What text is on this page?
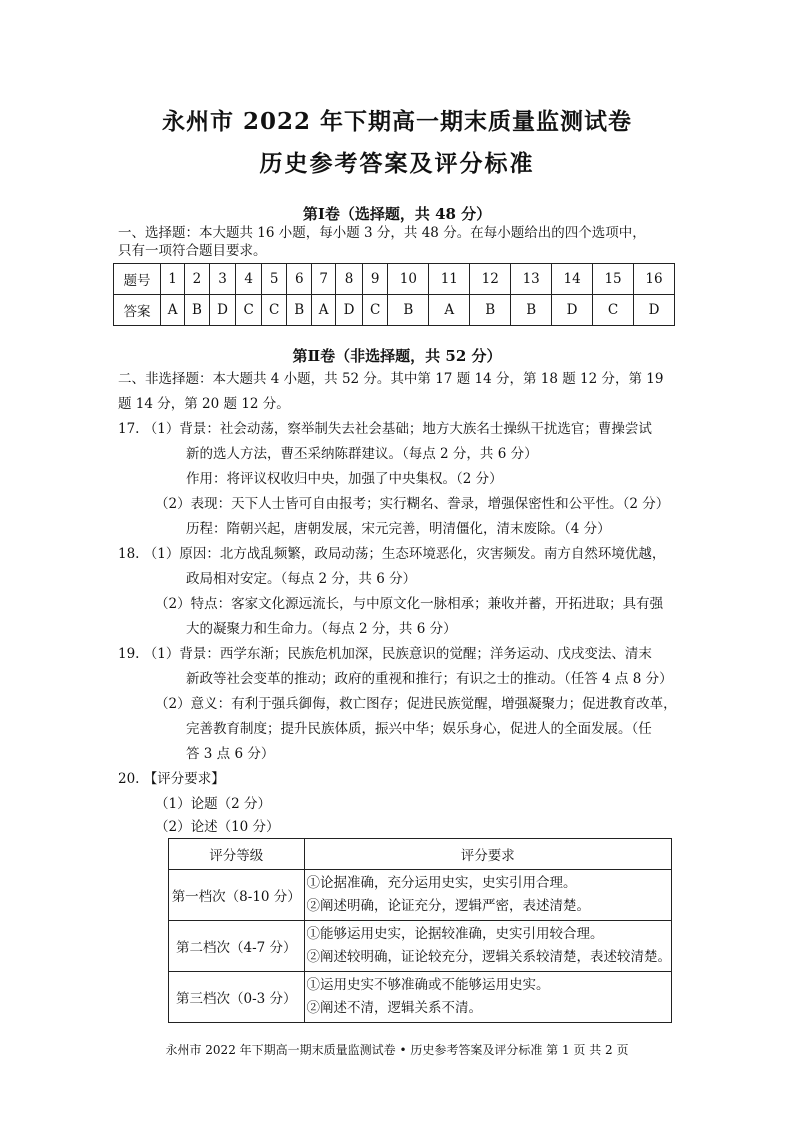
永州市 2022 年下期高一期末质量监测试卷
历史参考答案及评分标准
第Ⅰ卷（选择题，共 48 分）
一、选择题：本大题共 16 小题，每小题 3 分，共 48 分。在每小题给出的四个选项中，
只有一项符合题目要求。
题号	1	2	3	4	5	6	7	8	9	10	11	12	13	14	15	16
答案	A	B	D	C	C	B	A	D	C	B	A	B	B	D	C	D
第Ⅱ卷（非选择题，共 52 分）
二、非选择题：本大题共 4 小题，共 52 分。其中第 17 题 14 分，第 18 题 12 分，第 19
题 14 分，第 20 题 12 分。
17. （1）背景：社会动荡，察举制失去社会基础；地方大族名士操纵干扰选官；曹操尝试
新的选人方法，曹丕采纳陈群建议。（每点 2 分，共 6 分）
作用：将评议权收归中央，加强了中央集权。（2 分）
（2）表现：天下人士皆可自由报考；实行糊名、誊录，增强保密性和公平性。（2 分）
历程：隋朝兴起，唐朝发展，宋元完善，明清僵化，清末废除。（4 分）
18. （1）原因：北方战乱频繁，政局动荡；生态环境恶化，灾害频发。南方自然环境优越，
政局相对安定。（每点 2 分，共 6 分）
（2）特点：客家文化源远流长，与中原文化一脉相承；兼收并蓄，开拓进取；具有强
大的凝聚力和生命力。（每点 2 分，共 6 分）
19. （1）背景：西学东渐；民族危机加深，民族意识的觉醒；洋务运动、戊戌变法、清末
新政等社会变革的推动；政府的重视和推行；有识之士的推动。（任答 4 点 8 分）
（2）意义：有利于强兵御侮，救亡图存；促进民族觉醒，增强凝聚力；促进教育改革，
完善教育制度；提升民族体质，振兴中华；娱乐身心，促进人的全面发展。（任
答 3 点 6 分）
20. 【评分要求】
（1）论题（2 分）
（2）论述（10 分）
评分等级	评分要求
第一档次（8-10 分）	①论据准确，充分运用史实，史实引用合理。
②阐述明确，论证充分，逻辑严密，表述清楚。

第二档次（4-7 分）	①能够运用史实，论据较准确，史实引用较合理。
②阐述较明确，证论较充分，逻辑关系较清楚，表述较清楚。

第三档次（0-3 分）	①运用史实不够准确或不能够运用史实。
②阐述不清，逻辑关系不清。
永州市 2022 年下期高一期末质量监测试卷 • 历史参考答案及评分标准 第 1 页 共 2 页
